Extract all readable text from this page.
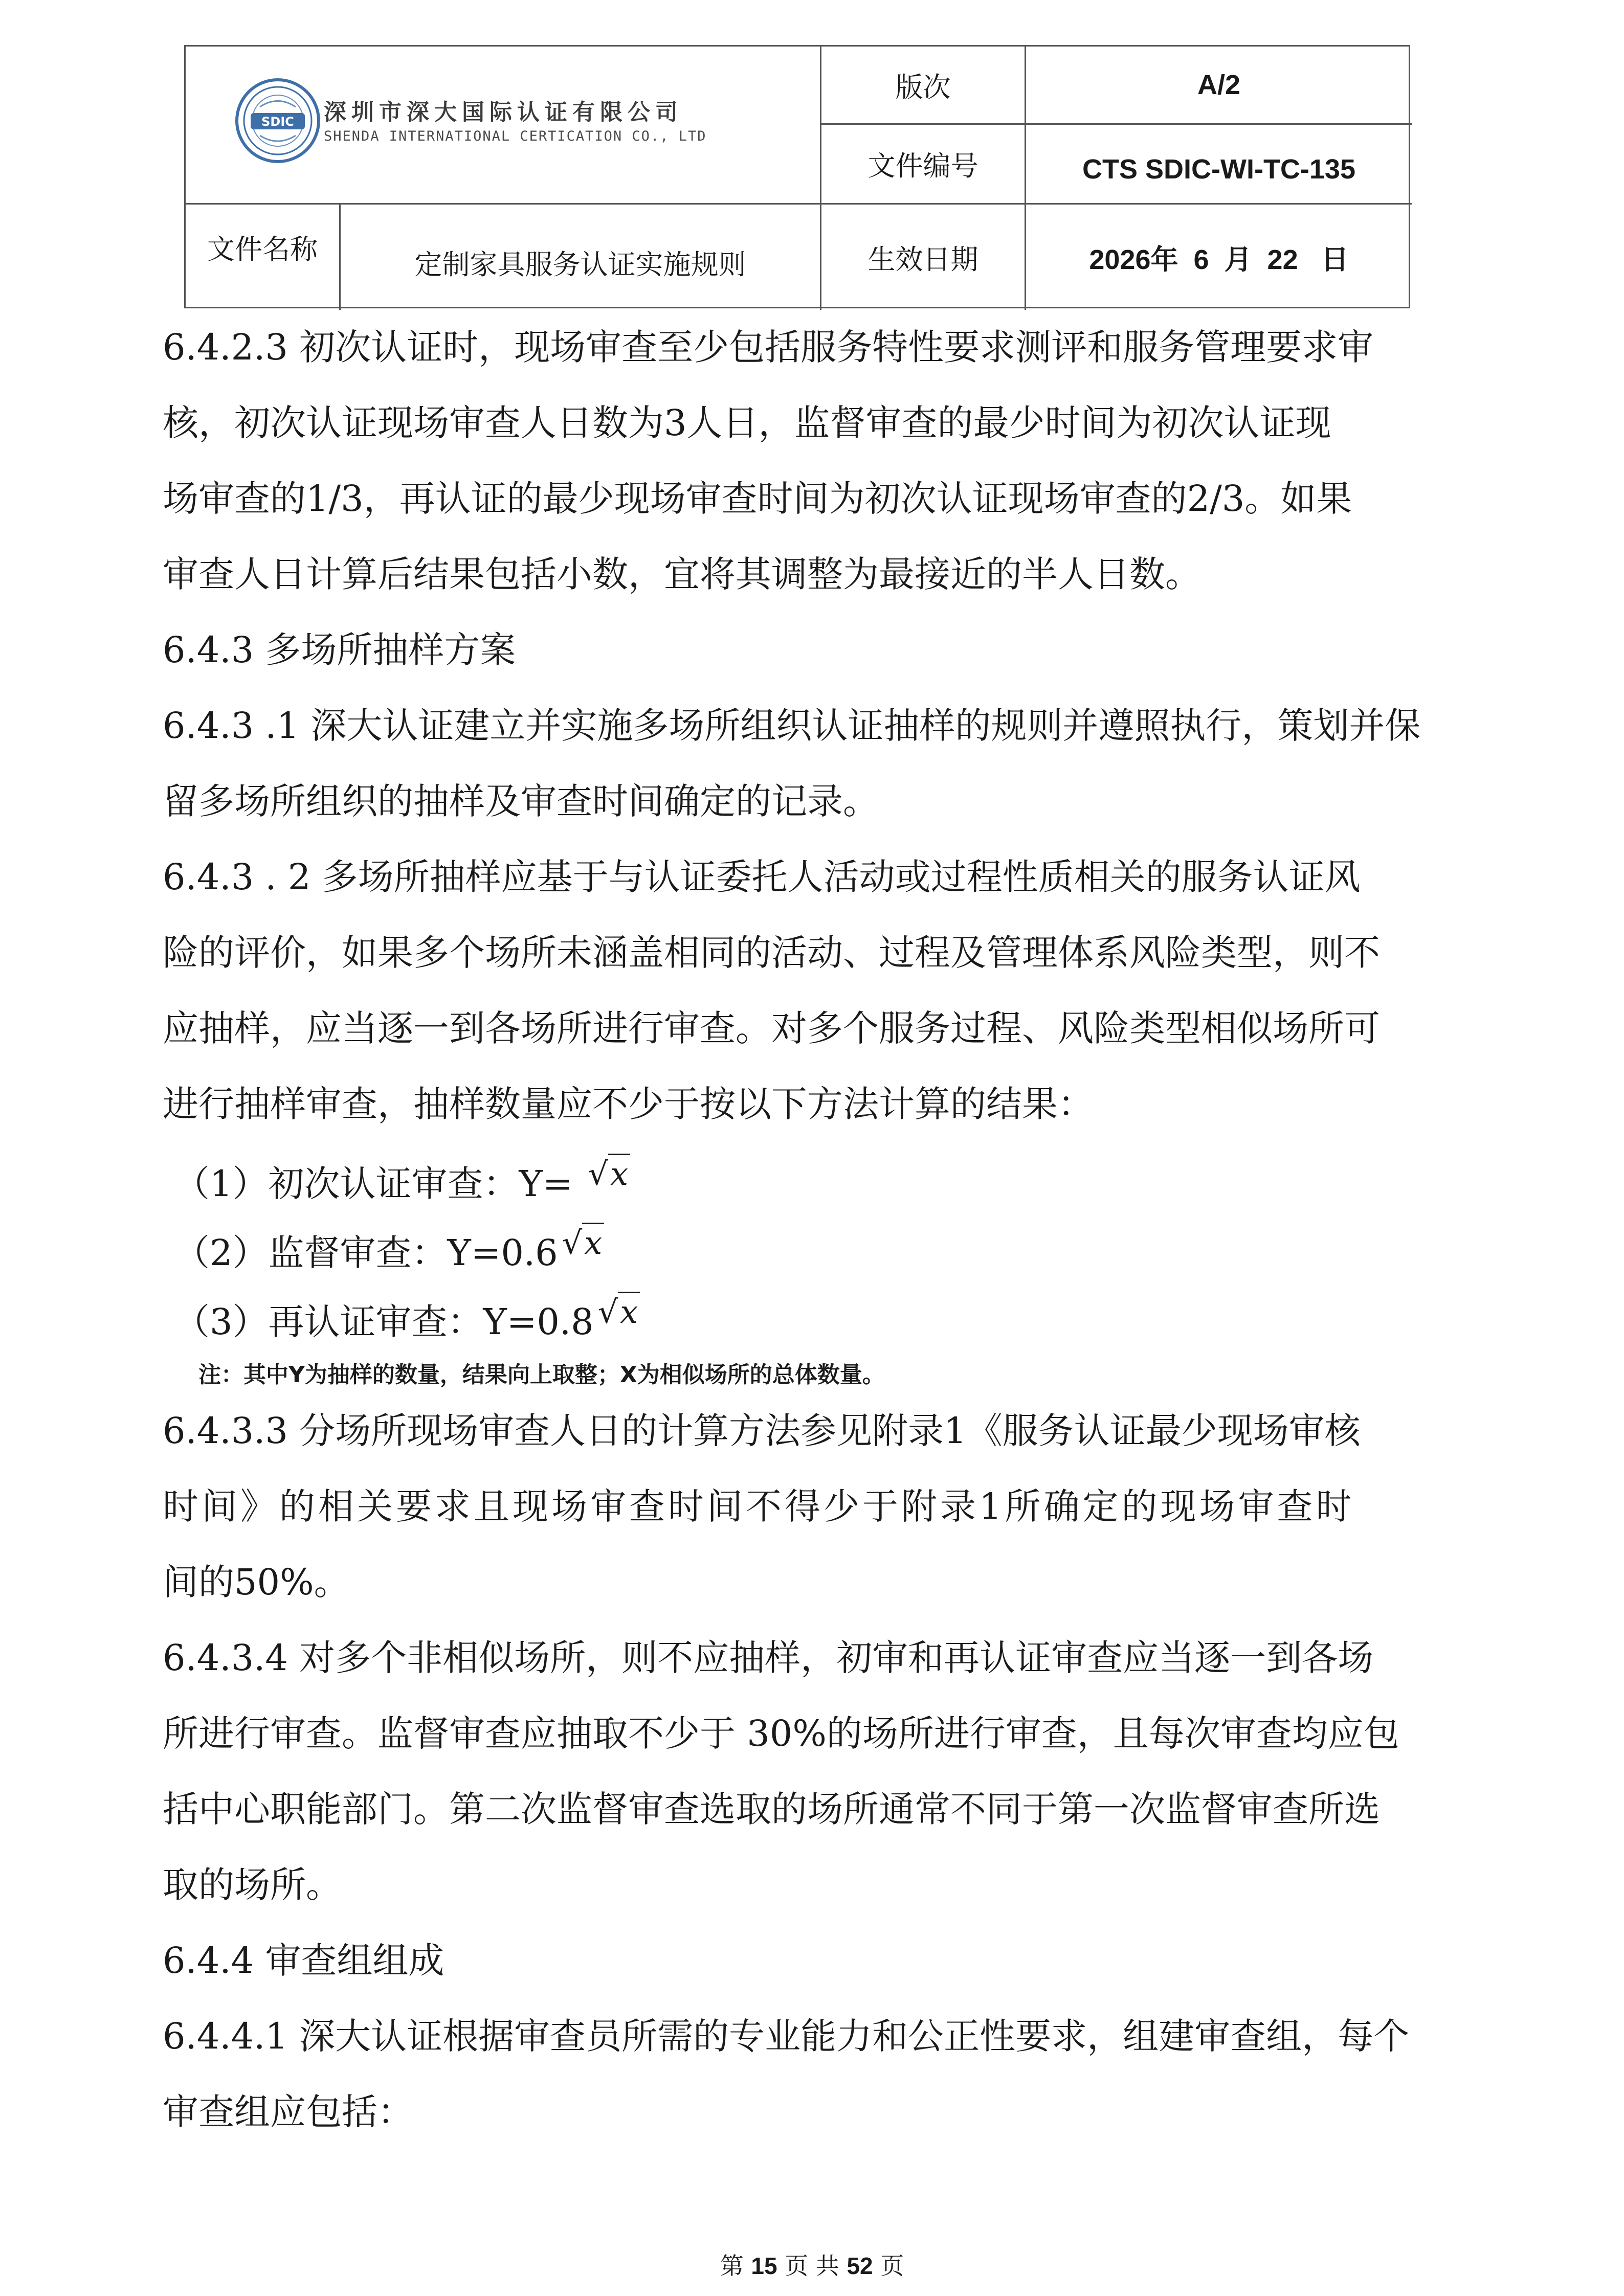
SDIC 深圳市深大国际认证有限公司
SHENDA INTERNATIONAL CERTICATION CO., LTD
版次	A/2
文件编号	CTS SDIC-WI-TC-135
文件名称	定制家具服务认证实施规则	生效日期	2026年  6  月  22   日

6.4.2.3 初次认证时，现场审查至少包括服务特性要求测评和服务管理要求审

核，初次认证现场审查人日数为3人日，监督审查的最少时间为初次认证现

场审查的1/3，再认证的最少现场审查时间为初次认证现场审查的2/3。如果

审查人日计算后结果包括小数，宜将其调整为最接近的半人日数。

6.4.3 多场所抽样方案

6.4.3 .1 深大认证建立并实施多场所组织认证抽样的规则并遵照执行，策划并保

留多场所组织的抽样及审查时间确定的记录。

6.4.3 . 2 多场所抽样应基于与认证委托人活动或过程性质相关的服务认证风

险的评价，如果多个场所未涵盖相同的活动、过程及管理体系风险类型，则不

应抽样，应当逐一到各场所进行审查。对多个服务过程、风险类型相似场所可

进行抽样审查，抽样数量应不少于按以下方法计算的结果：

（1）初次认证审查：Y= √x

（2）监督审查：Y=0.6 √x

（3）再认证审查：Y=0.8 √x

注：其中Y为抽样的数量，结果向上取整；X为相似场所的总体数量。

6.4.3.3 分场所现场审查人日的计算方法参见附录1《服务认证最少现场审核

时间》的相关要求且现场审查时间不得少于附录1所确定的现场审查时

间的50%。

6.4.3.4 对多个非相似场所，则不应抽样，初审和再认证审查应当逐一到各场

所进行审查。监督审查应抽取不少于 30%的场所进行审查，且每次审查均应包

括中心职能部门。第二次监督审查选取的场所通常不同于第一次监督审查所选

取的场所。

6.4.4 审查组组成

6.4.4.1 深大认证根据审查员所需的专业能力和公正性要求，组建审查组，每个

审查组应包括：

第 15 页 共 52 页
